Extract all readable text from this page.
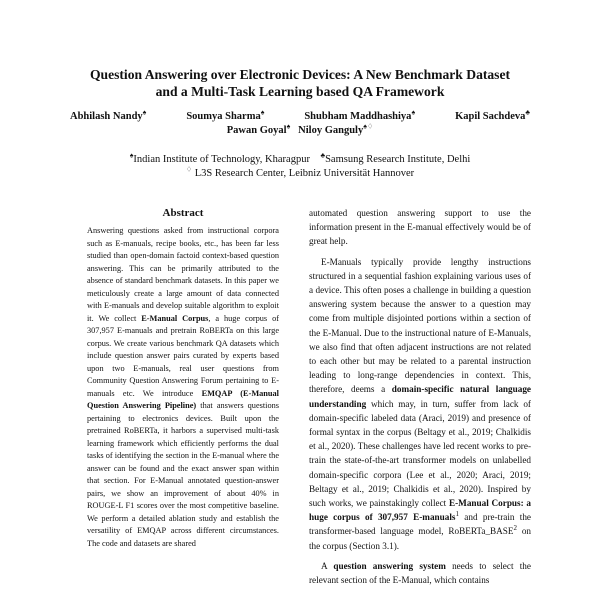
Question Answering over Electronic Devices: A New Benchmark Dataset
and a Multi-Task Learning based QA Framework
Abhilash Nandy♠	Soumya Sharma♠	Shubham Maddhashiya♠	Kapil Sachdeva♣
Pawan Goyal♠ Niloy Ganguly♠♢
♠Indian Institute of Technology, Kharagpur ♣Samsung Research Institute, Delhi
♢ L3S Research Center, Leibniz Universität Hannover
Abstract

Answering questions asked from instructional corpora such as E-manuals, recipe books, etc., has been far less studied than open-domain factoid context-based question answering. This can be primarily attributed to the absence of standard benchmark datasets. In this paper we meticulously create a large amount of data connected with E-manuals and develop suitable algorithm to exploit it. We collect E-Manual Corpus, a huge corpus of 307,957 E-manuals and pretrain RoBERTa on this large corpus. We create various benchmark QA datasets which include question answer pairs curated by experts based upon two E-manuals, real user questions from Community Question Answering Forum pertaining to E-manuals etc. We introduce EMQAP (E-Manual Question Answering Pipeline) that answers questions pertaining to electronics devices. Built upon the pretrained RoBERTa, it harbors a supervised multi-task learning framework which efficiently performs the dual tasks of identifying the section in the E-manual where the answer can be found and the exact answer span within that section. For E-Manual annotated question-answer pairs, we show an improvement of about 40% in ROUGE-L F1 scores over the most competitive baseline. We perform a detailed ablation study and establish the versatility of EMQAP across different circumstances. The code and datasets are shared

automated question answering support to use the information present in the E-manual effectively would be of great help.

E-Manuals typically provide lengthy instructions structured in a sequential fashion explaining various uses of a device. This often poses a challenge in building a question answering system because the answer to a question may come from multiple disjointed portions within a section of the E-Manual. Due to the instructional nature of E-Manuals, we also find that often adjacent instructions are not related to each other but may be related to a parental instruction leading to long-range dependencies in context. This, therefore, deems a domain-specific natural language understanding which may, in turn, suffer from lack of domain-specific labeled data (Araci, 2019) and presence of formal syntax in the corpus (Beltagy et al., 2019; Chalkidis et al., 2020). These challenges have led recent works to pre-train the state-of-the-art transformer models on unlabelled domain-specific corpora (Lee et al., 2020; Araci, 2019; Beltagy et al., 2019; Chalkidis et al., 2020). Inspired by such works, we painstakingly collect E-Manual Corpus: a huge corpus of 307,957 E-manuals$^1$ and pre-train the transformer-based language model, RoBERTa_BASE$^2$ on the corpus (Section 3.1).

A question answering system needs to select the relevant section of the E-Manual, which contains
